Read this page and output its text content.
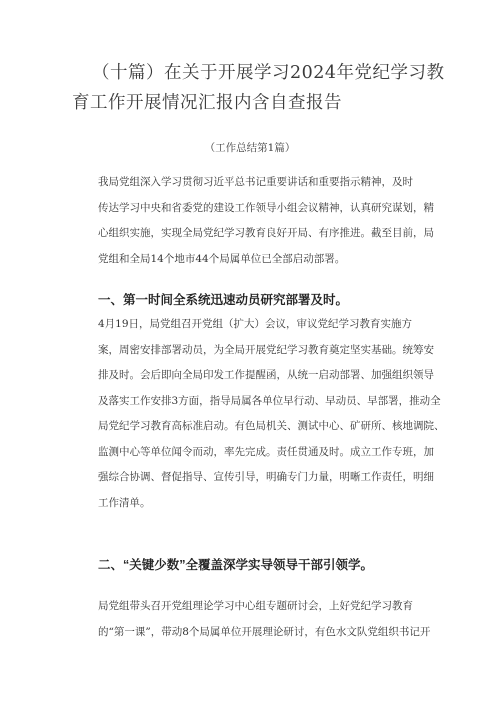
（十篇）在关于开展学习2024年党纪学习教
育工作开展情况汇报内含自查报告
（工作总结第1篇）
我局党组深入学习贯彻习近平总书记重要讲话和重要指示精神，及时
传达学习中央和省委党的建设工作领导小组会议精神，认真研究谋划，精
心组织实施，实现全局党纪学习教育良好开局、有序推进。截至目前，局
党组和全局14个地市44个局属单位已全部启动部署。
一、第一时间全系统迅速动员研究部署及时。
4月19日，局党组召开党组（扩大）会议，审议党纪学习教育实施方
案，周密安排部署动员，为全局开展党纪学习教育奠定坚实基础。统筹安
排及时。会后即向全局印发工作提醒函，从统一启动部署、加强组织领导
及落实工作安排3方面，指导局属各单位早行动、早动员、早部署，推动全
局党纪学习教育高标准启动。有色局机关、测试中心、矿研所、核地调院、
监测中心等单位闻令而动，率先完成。责任贯通及时。成立工作专班，加
强综合协调、督促指导、宣传引导，明确专门力量，明晰工作责任，明细
工作清单。
二、“关键少数”全覆盖深学实导领导干部引领学。
局党组带头召开党组理论学习中心组专题研讨会，上好党纪学习教育
的“第一课”，带动8个局属单位开展理论研讨，有色水文队党组织书记开
